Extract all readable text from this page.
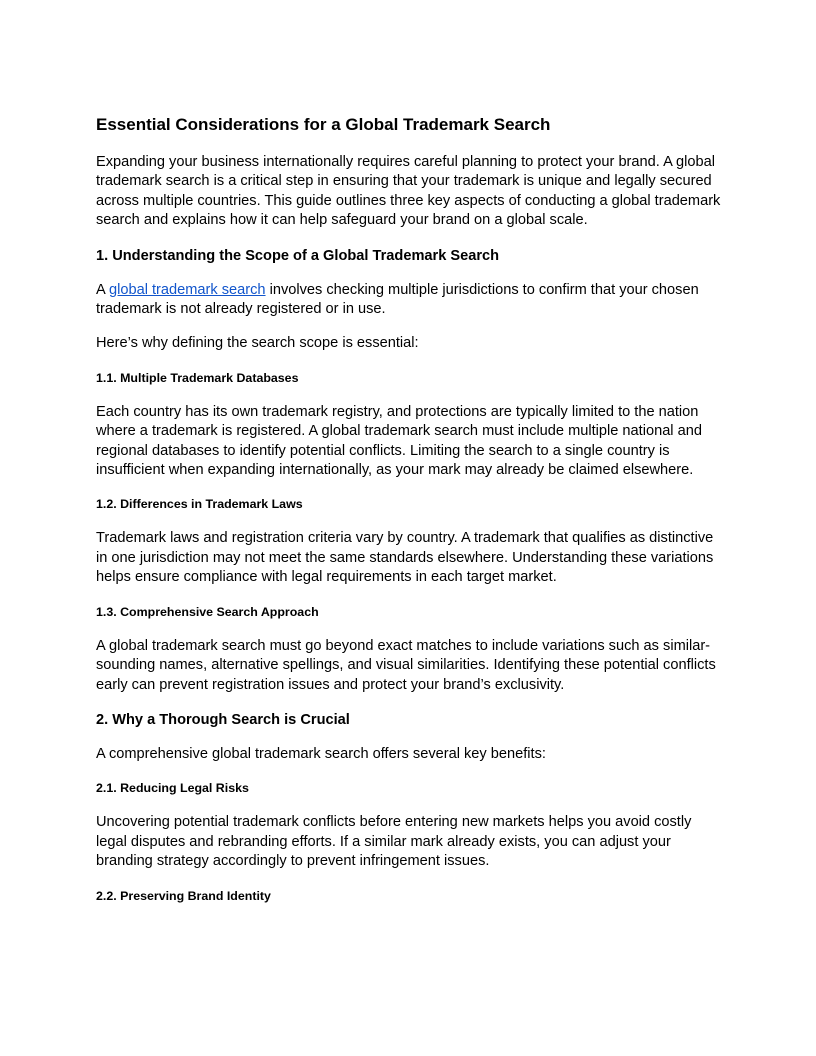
Essential Considerations for a Global Trademark Search

Expanding your business internationally requires careful planning to protect your brand. A global trademark search is a critical step in ensuring that your trademark is unique and legally secured across multiple countries. This guide outlines three key aspects of conducting a global trademark search and explains how it can help safeguard your brand on a global scale.

1. Understanding the Scope of a Global Trademark Search

A global trademark search involves checking multiple jurisdictions to confirm that your chosen trademark is not already registered or in use.

Here’s why defining the search scope is essential:

1.1. Multiple Trademark Databases

Each country has its own trademark registry, and protections are typically limited to the nation where a trademark is registered. A global trademark search must include multiple national and regional databases to identify potential conflicts. Limiting the search to a single country is insufficient when expanding internationally, as your mark may already be claimed elsewhere.

1.2. Differences in Trademark Laws

Trademark laws and registration criteria vary by country. A trademark that qualifies as distinctive in one jurisdiction may not meet the same standards elsewhere. Understanding these variations helps ensure compliance with legal requirements in each target market.

1.3. Comprehensive Search Approach

A global trademark search must go beyond exact matches to include variations such as similar-sounding names, alternative spellings, and visual similarities. Identifying these potential conflicts early can prevent registration issues and protect your brand’s exclusivity.

2. Why a Thorough Search is Crucial

A comprehensive global trademark search offers several key benefits:

2.1. Reducing Legal Risks

Uncovering potential trademark conflicts before entering new markets helps you avoid costly legal disputes and rebranding efforts. If a similar mark already exists, you can adjust your branding strategy accordingly to prevent infringement issues.

2.2. Preserving Brand Identity
